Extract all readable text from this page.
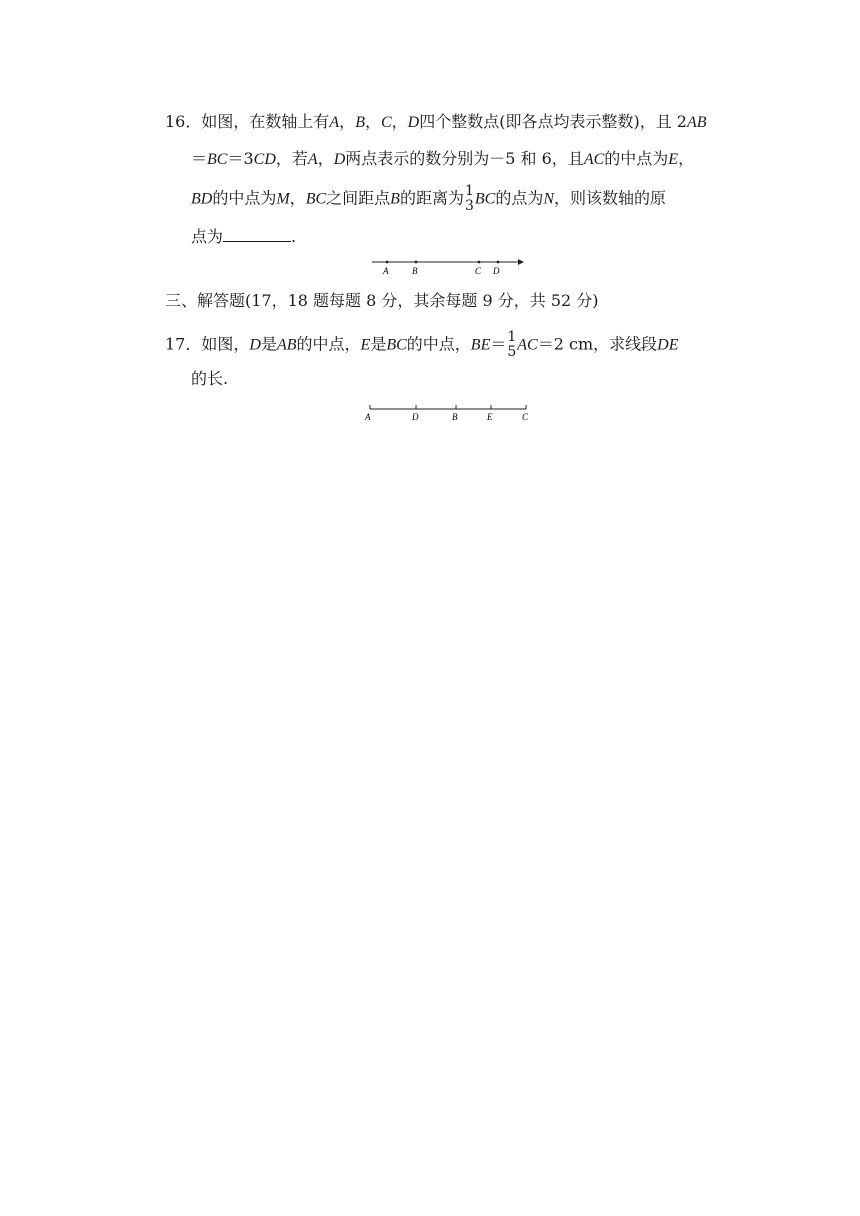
16．如图，在数轴上有A，B，C，D四个整数点(即各点均表示整数)，且 2AB
＝BC＝3CD，若A，D两点表示的数分别为－5 和 6，且AC的中点为E，
BD的中点为M，BC之间距点B的距离为 1
3 BC的点为N，则该数轴的原
点为	.
A	B	C D
三、解答题(17，18 题每题 8 分，其余每题 9 分，共 52 分)
17．如图，D是AB的中点，E是BC的中点，BE＝ 1
5 AC＝2 cm，求线段DE
的长.
A	D	B	E	C
